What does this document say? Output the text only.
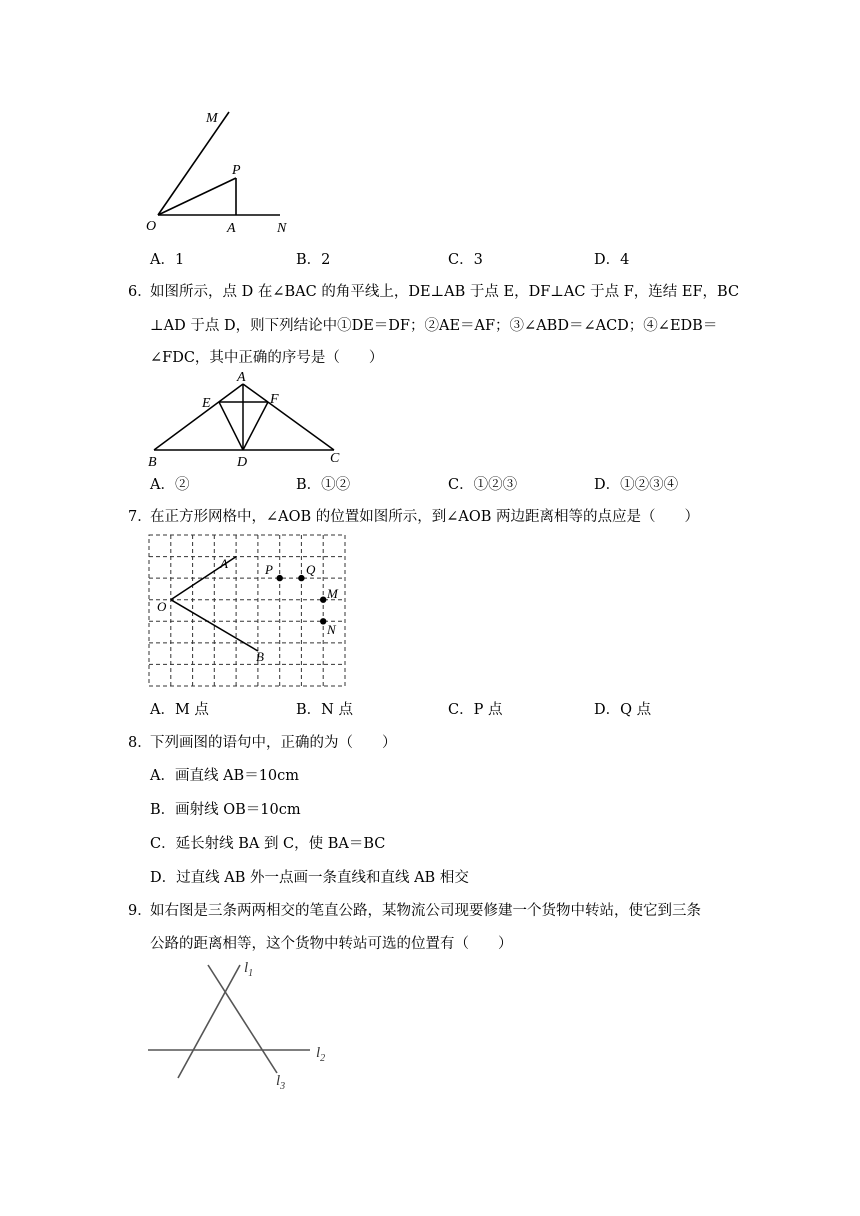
M
P
O	A	N
A．1	B．2	C．3	D．4
6．
如图所示，点 D 在∠BAC 的角平线上，DE⊥AB 于点 E，DF⊥AC 于点 F，连结 EF，BC
⊥AD 于点 D，则下列结论中①DE＝DF；②AE＝AF；③∠ABD＝∠ACD；④∠EDB＝
∠FDC，其中正确的序号是（　　）
A
E	F
B	D	C
A．②	B．①②	C．①②③	D．①②③④
7．
在正方形网格中，∠AOB 的位置如图所示，到∠AOB 两边距离相等的点应是（　　）
A	P	Q
O
M
N
B
A．M 点	B．N 点	C．P 点	D．Q 点
8．
下列画图的语句中，正确的为（　　）
A．画直线 AB＝10cm
B．画射线 OB＝10cm
C．延长射线 BA 到 C，使 BA＝BC
D．过直线 AB 外一点画一条直线和直线 AB 相交
9．
如右图是三条两两相交的笔直公路，某物流公司现要修建一个货物中转站，使它到三条
公路的距离相等，这个货物中转站可选的位置有（　　）
$l_1$
$l_2$
$l_3$
